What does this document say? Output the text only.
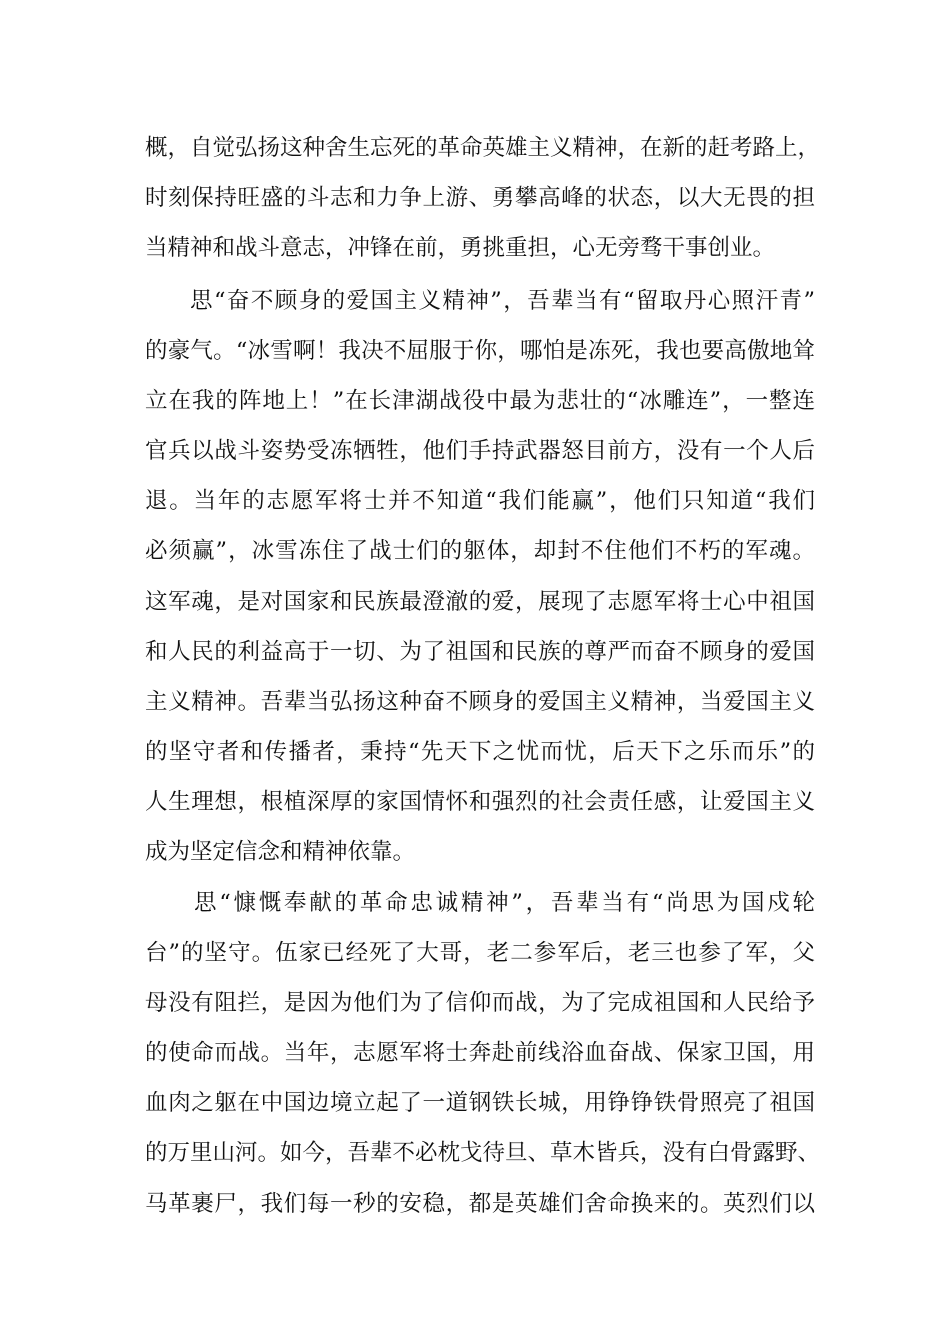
概，自觉弘扬这种舍生忘死的革命英雄主义精神，在新的赶考路上，

时刻保持旺盛的斗志和力争上游、勇攀高峰的状态，以大无畏的担

当精神和战斗意志，冲锋在前，勇挑重担，心无旁骛干事创业。

思“奋不顾身的爱国主义精神”，吾辈当有“留取丹心照汗青”

的豪气。“冰雪啊！我决不屈服于你，哪怕是冻死，我也要高傲地耸

立在我的阵地上！”在长津湖战役中最为悲壮的“冰雕连”，一整连

官兵以战斗姿势受冻牺牲，他们手持武器怒目前方，没有一个人后

退。当年的志愿军将士并不知道“我们能赢”，他们只知道“我们

必须赢”，冰雪冻住了战士们的躯体，却封不住他们不朽的军魂。

这军魂，是对国家和民族最澄澈的爱，展现了志愿军将士心中祖国

和人民的利益高于一切、为了祖国和民族的尊严而奋不顾身的爱国

主义精神。吾辈当弘扬这种奋不顾身的爱国主义精神，当爱国主义

的坚守者和传播者，秉持“先天下之忧而忧，后天下之乐而乐”的

人生理想，根植深厚的家国情怀和强烈的社会责任感，让爱国主义

成为坚定信念和精神依靠。

思“慷慨奉献的革命忠诚精神”，吾辈当有“尚思为国戍轮

台”的坚守。伍家已经死了大哥，老二参军后，老三也参了军，父

母没有阻拦，是因为他们为了信仰而战，为了完成祖国和人民给予

的使命而战。当年，志愿军将士奔赴前线浴血奋战、保家卫国，用

血肉之躯在中国边境立起了一道钢铁长城，用铮铮铁骨照亮了祖国

的万里山河。如今，吾辈不必枕戈待旦、草木皆兵，没有白骨露野、

马革裹尸，我们每一秒的安稳，都是英雄们舍命换来的。英烈们以
